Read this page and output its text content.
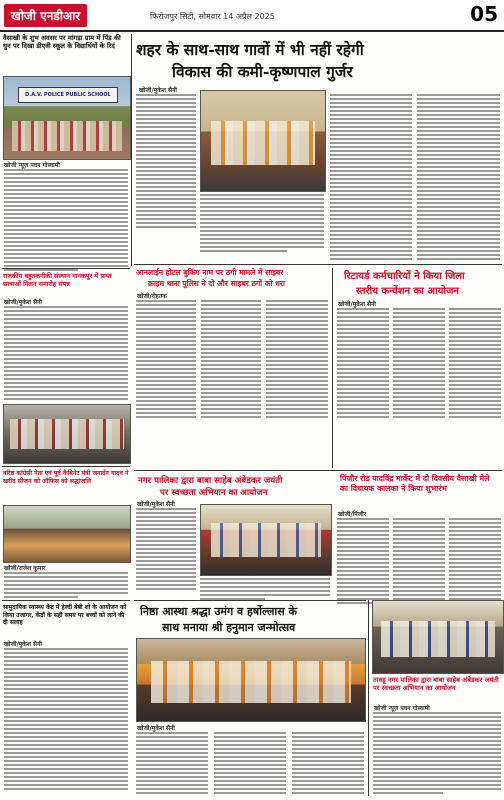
खोजी एनडीआर	फिरोजपुर सिटी, सोमवार 14 अप्रैल 2025	05
वैसाखी के शुभ अवसर पर मांगड़ा ग्राम में पिंड की धुन पर दिखा डीएवी स्कूल के विद्यार्थियों के रिदं
D.A.V. POLICE PUBLIC SCHOOL
खोजी न्यूज़ पवन गोस्वामी
शहर के साथ-साथ गावों में भी नहीं रहेगी
विकास की कमी-कृष्णपाल गुर्जर
खोजी/मुकेश सैनी
आनलाईन होटल बुकिंग नाम पर ठगी मामले में साइबर
क्राइम थाना पुलिस ने दो और साइबर ठगों को धरा
खोजी/रोहतक
रिटायर्ड कर्मचारियों ने किया जिला
स्तरीय कन्वेंशन का आयोजन
खोजी/मुकेश सैनी
राजकीय बहुतकनीकी संस्थान नानकपुर में प्राप्त छात्राओं मिलन समारोह संपन्न
खोजी/मुकेश सैनी
वरिष्ठ कांग्रेसी नेता एवं पूर्व कैबिनेट मंत्री जनार्दन यादव ने खरीद सीजन को ऑफिस को श्रद्धांजलि
खोजी/राजेश कुमार
सामुदायिक स्वास्थ्य केंद्र में हेल्दी बेबी शो के आयोजन को किया उजागर, केंद्रों के सही समय पर बच्चों को लाने की दी सलाह
खोजी/मुकेश सैनी
नगर पालिका द्वारा बाबा साहेब अंबेडकर जयंती
पर स्वच्छता अभियान का आयोजन
खोजी/मुकेश सैनी
पिंजौर रोड यादविंद्र मार्केट में दो दिवसीय वैसाखी मेले का विधायक कालका ने किया शुभारंभ
खोजी/पिंजौर
निष्ठा आस्था श्रद्धा उमंग व हर्षोल्लास के
साथ मनाया श्री हनुमान जन्मोत्सव
खोजी/मुकेश सैनी
तावडू नगर पालिका द्वारा बाबा साहेब अंबेडकर जयंती पर स्वच्छता अभियान का आयोजन
खोजी न्यूज़ पवन गोस्वामी
